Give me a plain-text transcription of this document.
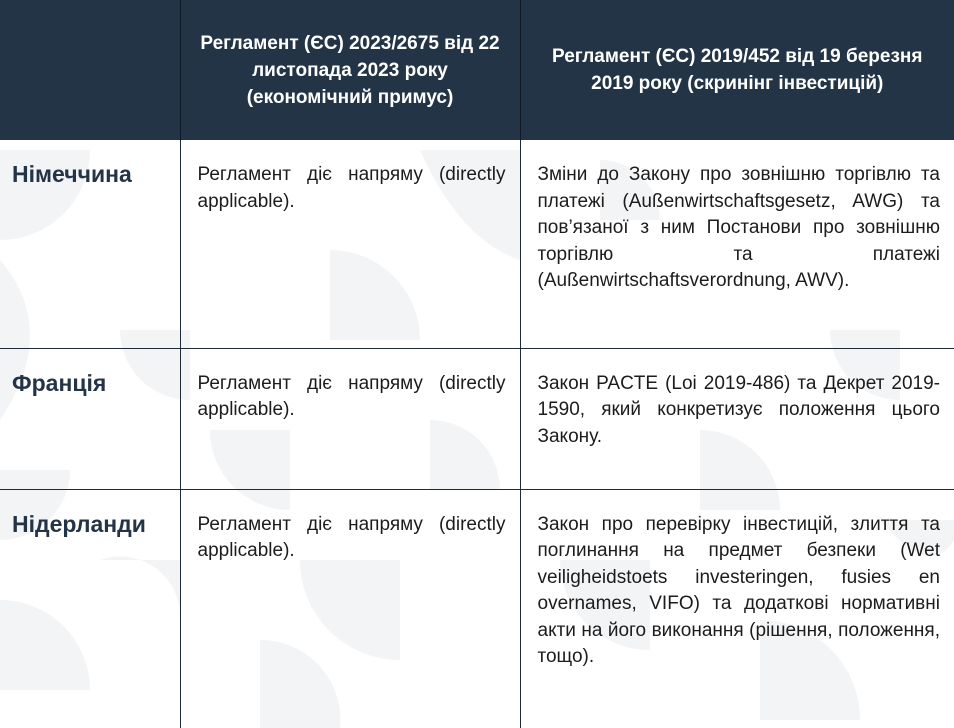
	Регламент (ЄС) 2023/2675 від 22 листопада 2023 року (економічний примус)	Регламент (ЄС) 2019/452 від 19 березня 2019 року (скринінг інвестицій)
Німеччина	Регламент діє напряму (directly applicable).	Зміни до Закону про зовнішню торгівлю та платежі (Außenwirtschaftsgesetz, AWG) та пов’язаної з ним Постанови про зовнішню торгівлю та платежі (Außenwirtschaftsverordnung, AWV).
Франція	Регламент діє напряму (directly applicable).	Закон PACTE (Loi 2019-486) та Декрет 2019-1590, який конкретизує положення цього Закону.
Нідерланди	Регламент діє напряму (directly applicable).	Закон про перевірку інвестицій, злиття та поглинання на предмет безпеки (Wet veiligheidstoets investeringen, fusies en overnames, VIFO) та додаткові нормативні акти на його виконання (рішення, положення, тощо).
